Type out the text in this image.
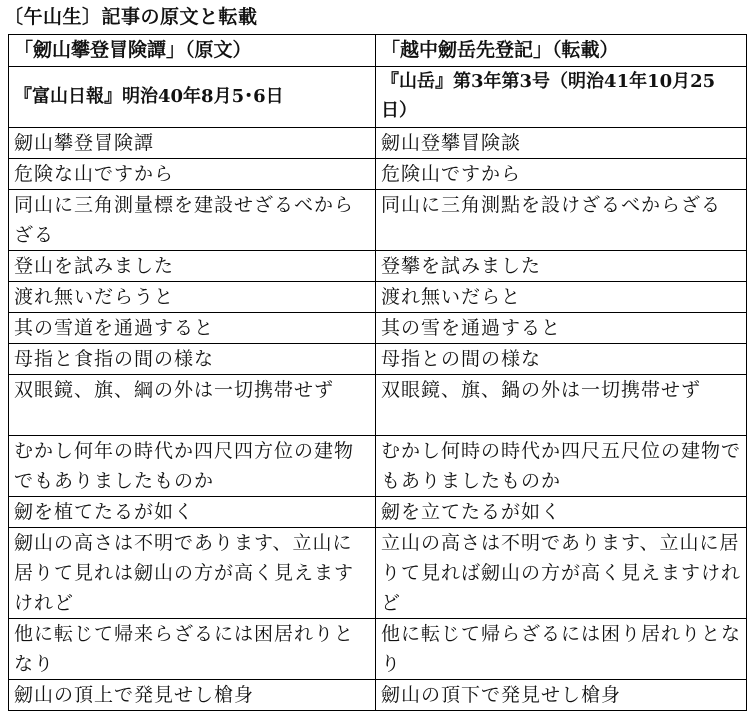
〔午山生〕記事の原文と転載
「劒山攀登冒険譚」（原文）	「越中劒岳先登記」（転載）
『富山日報』明治40年8月5･6日	『山岳』第3年第3号（明治41年10月25日）
劒山攀登冒険譚	劒山登攀冒険談
危険な山ですから	危険山ですから
同山に三角測量標を建設せざるべからざる	同山に三角測點を設けざるべからざる
登山を試みました	登攀を試みました
渡れ無いだらうと	渡れ無いだらと
其の雪道を通過すると	其の雪を通過すると
母指と食指の間の様な	母指との間の様な
双眼鏡、旗、綱の外は一切携帯せず	双眼鏡、旗、鍋の外は一切携帯せず
むかし何年の時代か四尺四方位の建物でもありましたものか	むかし何時の時代か四尺五尺位の建物でもありましたものか
劒を植てたるが如く	劒を立てたるが如く
劒山の高さは不明であります、立山に居りて見れは劒山の方が高く見えますけれど	立山の高さは不明であります、立山に居りて見れば劒山の方が高く見えますけれど
他に転じて帰来らざるには困居れりとなり	他に転じて帰らざるには困り居れりとなり
劒山の頂上で発見せし槍身	劒山の頂下で発見せし槍身
